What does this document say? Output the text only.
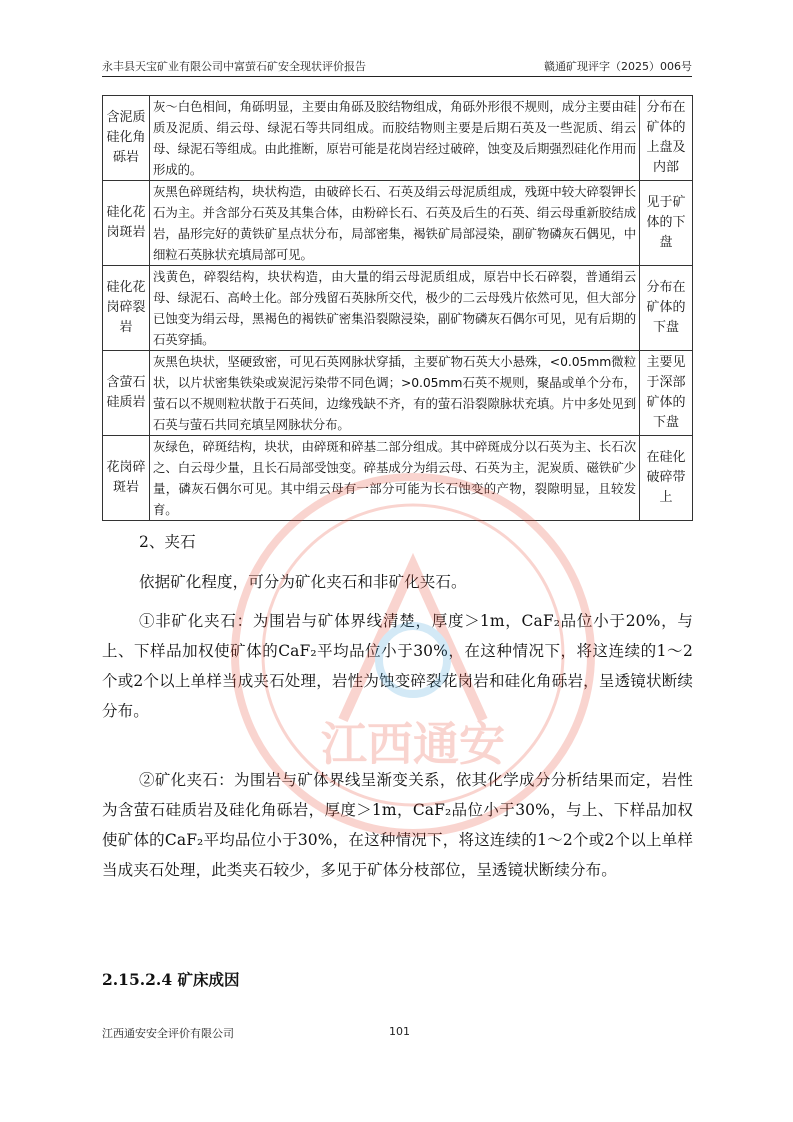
永丰县天宝矿业有限公司中富萤石矿安全现状评价报告	赣通矿现评字（2025）006号
含泥质硅化角砾岩	灰～白色相间，角砾明显，主要由角砾及胶结物组成，角砾外形很不规则，成分主要由硅质及泥质、绢云母、绿泥石等共同组成。而胶结物则主要是后期石英及一些泥质、绢云母、绿泥石等组成。由此推断，原岩可能是花岗岩经过破碎，蚀变及后期强烈硅化作用而形成的。	分布在矿体的上盘及内部
硅化花岗斑岩	灰黑色碎斑结构，块状构造，由破碎长石、石英及绢云母泥质组成，残斑中较大碎裂钾长石为主。并含部分石英及其集合体，由粉碎长石、石英及后生的石英、绢云母重新胶结成岩，晶形完好的黄铁矿星点状分布，局部密集，褐铁矿局部浸染，副矿物磷灰石偶见，中细粒石英脉状充填局部可见。	见于矿体的下盘
硅化花岗碎裂岩	浅黄色，碎裂结构，块状构造，由大量的绢云母泥质组成，原岩中长石碎裂，普通绢云母、绿泥石、高岭土化。部分残留石英脉所交代，极少的二云母残片依然可见，但大部分已蚀变为绢云母，黑褐色的褐铁矿密集沿裂隙浸染，副矿物磷灰石偶尔可见，见有后期的石英穿插。	分布在矿体的下盘
含萤石硅质岩	灰黑色块状，坚硬致密，可见石英网脉状穿插，主要矿物石英大小悬殊，<0.05mm微粒状，以片状密集铁染或炭泥污染带不同色调；>0.05mm石英不规则，聚晶或单个分布，萤石以不规则粒状散于石英间，边缘残缺不齐，有的萤石沿裂隙脉状充填。片中多处见到石英与萤石共同充填呈网脉状分布。	主要见于深部矿体的下盘
花岗碎斑岩	灰绿色，碎斑结构，块状，由碎斑和碎基二部分组成。其中碎斑成分以石英为主、长石次之、白云母少量，且长石局部受蚀变。碎基成分为绢云母、石英为主，泥炭质、磁铁矿少量，磷灰石偶尔可见。其中绢云母有一部分可能为长石蚀变的产物，裂隙明显，且较发育。	在硅化破碎带上
2、夹石
依据矿化程度，可分为矿化夹石和非矿化夹石。
①非矿化夹石：为围岩与矿体界线清楚，厚度＞1m，CaF₂品位小于20%，与上、下样品加权使矿体的CaF₂平均品位小于30%，在这种情况下，将这连续的1～2个或2个以上单样当成夹石处理，岩性为蚀变碎裂花岗岩和硅化角砾岩，呈透镜状断续分布。
②矿化夹石：为围岩与矿体界线呈渐变关系，依其化学成分分析结果而定，岩性为含萤石硅质岩及硅化角砾岩，厚度＞1m，CaF₂品位小于30%，与上、下样品加权使矿体的CaF₂平均品位小于30%，在这种情况下，将这连续的1～2个或2个以上单样当成夹石处理，此类夹石较少，多见于矿体分枝部位，呈透镜状断续分布。
2.15.2.4 矿床成因
江西通安安全评价有限公司	101
江西通安
